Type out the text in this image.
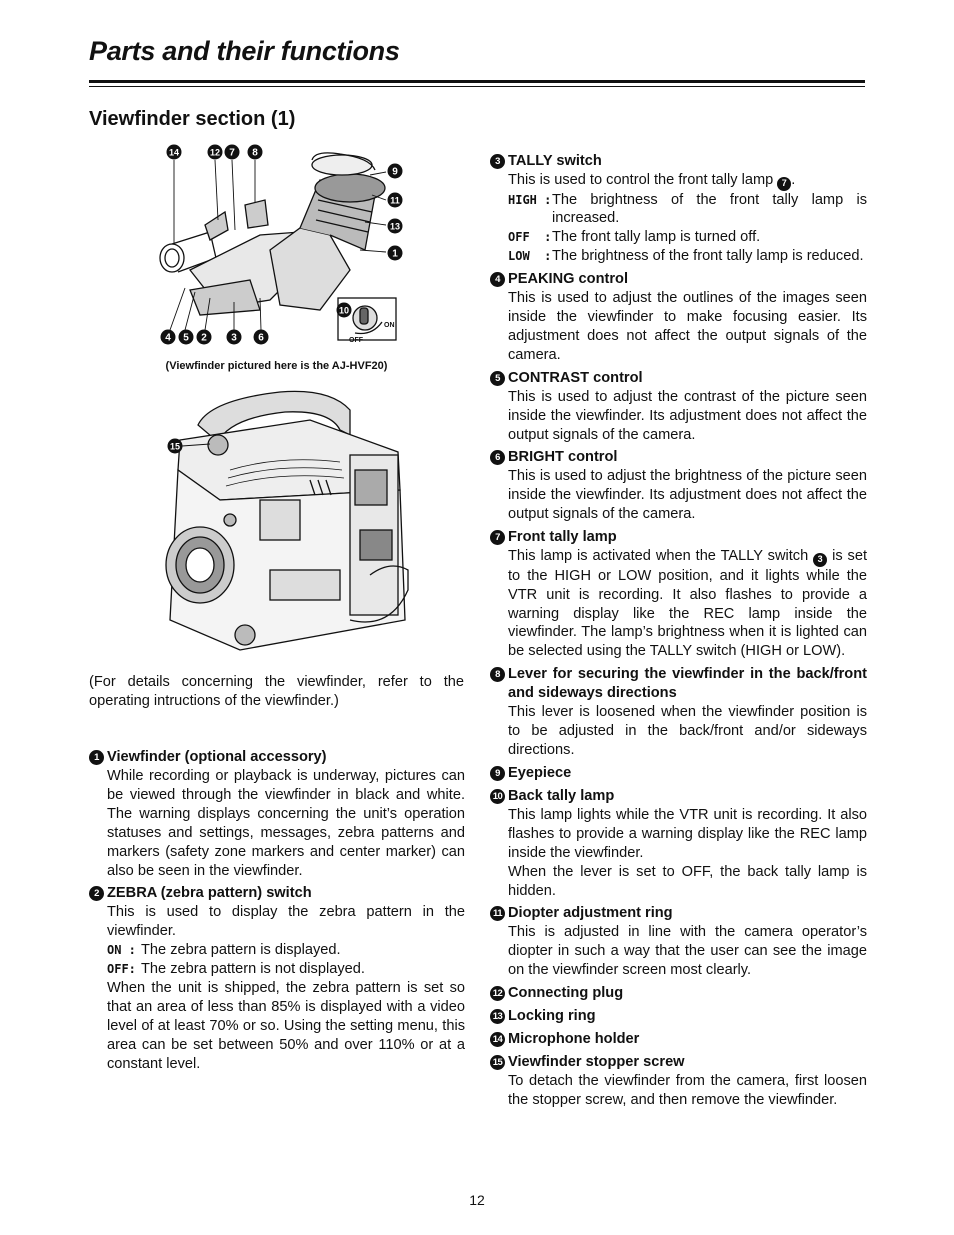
Parts and their functions
Viewfinder section (1)
14	12 7 8
9
11
13
1
4 5 2 3 6
10
ON
OFF
(Viewfinder pictured here is the AJ-HVF20)
15
(For details concerning the viewfinder, refer to the operating intructions of the viewfinder.)
1 Viewfinder (optional accessory)
While recording or playback is underway, pictures can be viewed through the viewfinder in black and white. The warning displays concerning the unit’s operation statuses and settings, messages, zebra patterns and markers (safety zone markers and center marker) can also be seen in the viewfinder.
2 ZEBRA (zebra pattern) switch
This is used to display the zebra pattern in the viewfinder.
ON : The zebra pattern is displayed.
OFF: The zebra pattern is not displayed.
When the unit is shipped, the zebra pattern is set so that an area of less than 85% is displayed with a video level of at least 70% or so. Using the setting menu, this area can be set between 50% and over 110% or at a constant level.
3 TALLY switch
This is used to control the front tally lamp 7 .
HIGH : The brightness of the front tally lamp is increased.
OFF  : The front tally lamp is turned off.
LOW  : The brightness of the front tally lamp is reduced.
4 PEAKING control
This is used to adjust the outlines of the images seen inside the viewfinder to make focusing easier. Its adjustment does not affect the output signals of the camera.
5 CONTRAST control
This is used to adjust the contrast of the picture seen inside the viewfinder. Its adjustment does not affect the output signals of the camera.
6 BRIGHT control
This is used to adjust the brightness of the picture seen inside the viewfinder. Its adjustment does not affect the output signals of the camera.
7 Front tally lamp
This lamp is activated when the TALLY switch 3 is set to the HIGH or LOW position, and it lights while the VTR unit is recording. It also flashes to provide a warning display like the REC lamp inside the viewfinder. The lamp’s brightness when it is lighted can be selected using the TALLY switch (HIGH or LOW).
8 Lever for securing the viewfinder in the back/front and sideways directions
This lever is loosened when the viewfinder position is to be adjusted in the back/front and/or sideways directions.
9 Eyepiece
10 Back tally lamp
This lamp lights while the VTR unit is recording. It also flashes to provide a warning display like the REC lamp inside the viewfinder.
When the lever is set to OFF, the back tally lamp is hidden.
11 Diopter adjustment ring
This is adjusted in line with the camera operator’s diopter in such a way that the user can see the image on the viewfinder screen most clearly.
12 Connecting plug
13 Locking ring
14 Microphone holder
15 Viewfinder stopper screw
To detach the viewfinder from the camera, first loosen the stopper screw, and then remove the viewfinder.
12
